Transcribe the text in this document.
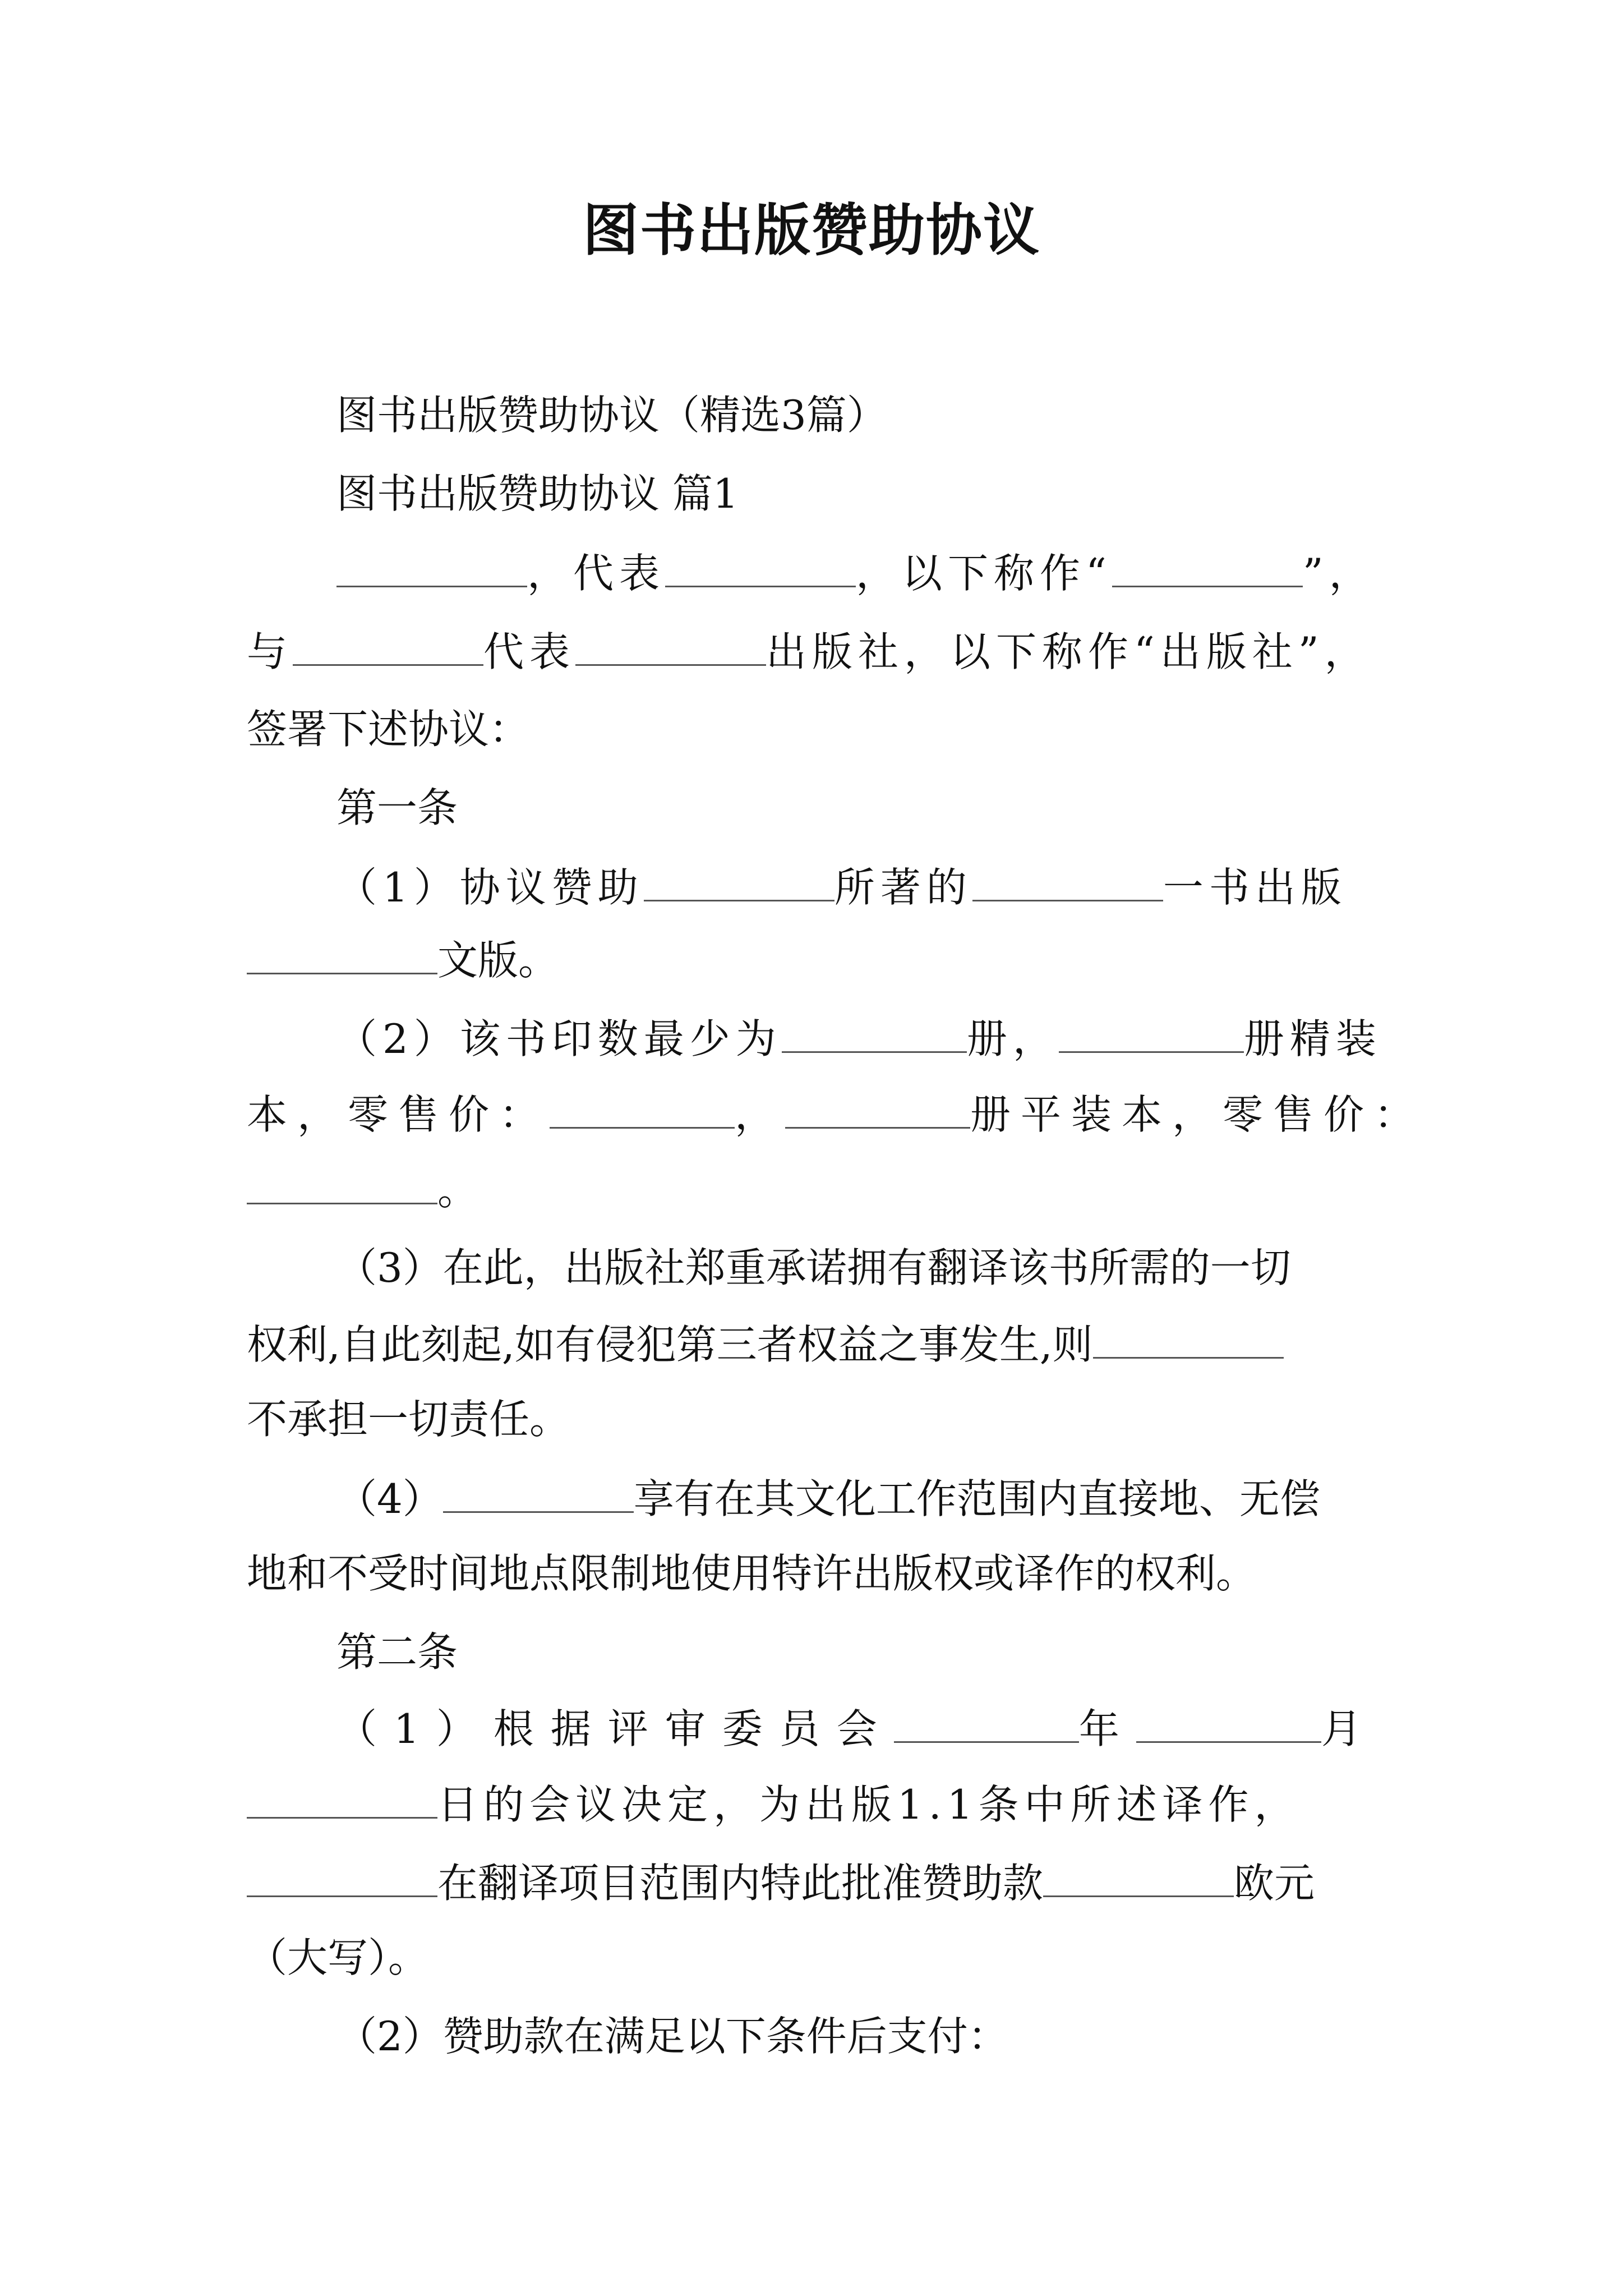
图书出版赞助协议
图书出版赞助协议（精选3篇）
图书出版赞助协议 篇1
，代表	，以下称作“	”，
与	代表	出版社，以下称作“出版社”，
签署下述协议：
第一条
（1）协议赞助	所著的	一书出版
文版。
（2）该书印数最少为	册，	册精装
本，零售价：	，	册平装本，零售价：
。
（3）在此，出版社郑重承诺拥有翻译该书所需的一切
权利,自此刻起,如有侵犯第三者权益之事发生,则
不承担一切责任。
（4）	享有在其文化工作范围内直接地、无偿
地和不受时间地点限制地使用特许出版权或译作的权利。
第二条
（1）根据评审委员会	年	月
日的会议决定，为出版1.1条中所述译作，
在翻译项目范围内特此批准赞助款	欧元
（大写）。
（2）赞助款在满足以下条件后支付：
